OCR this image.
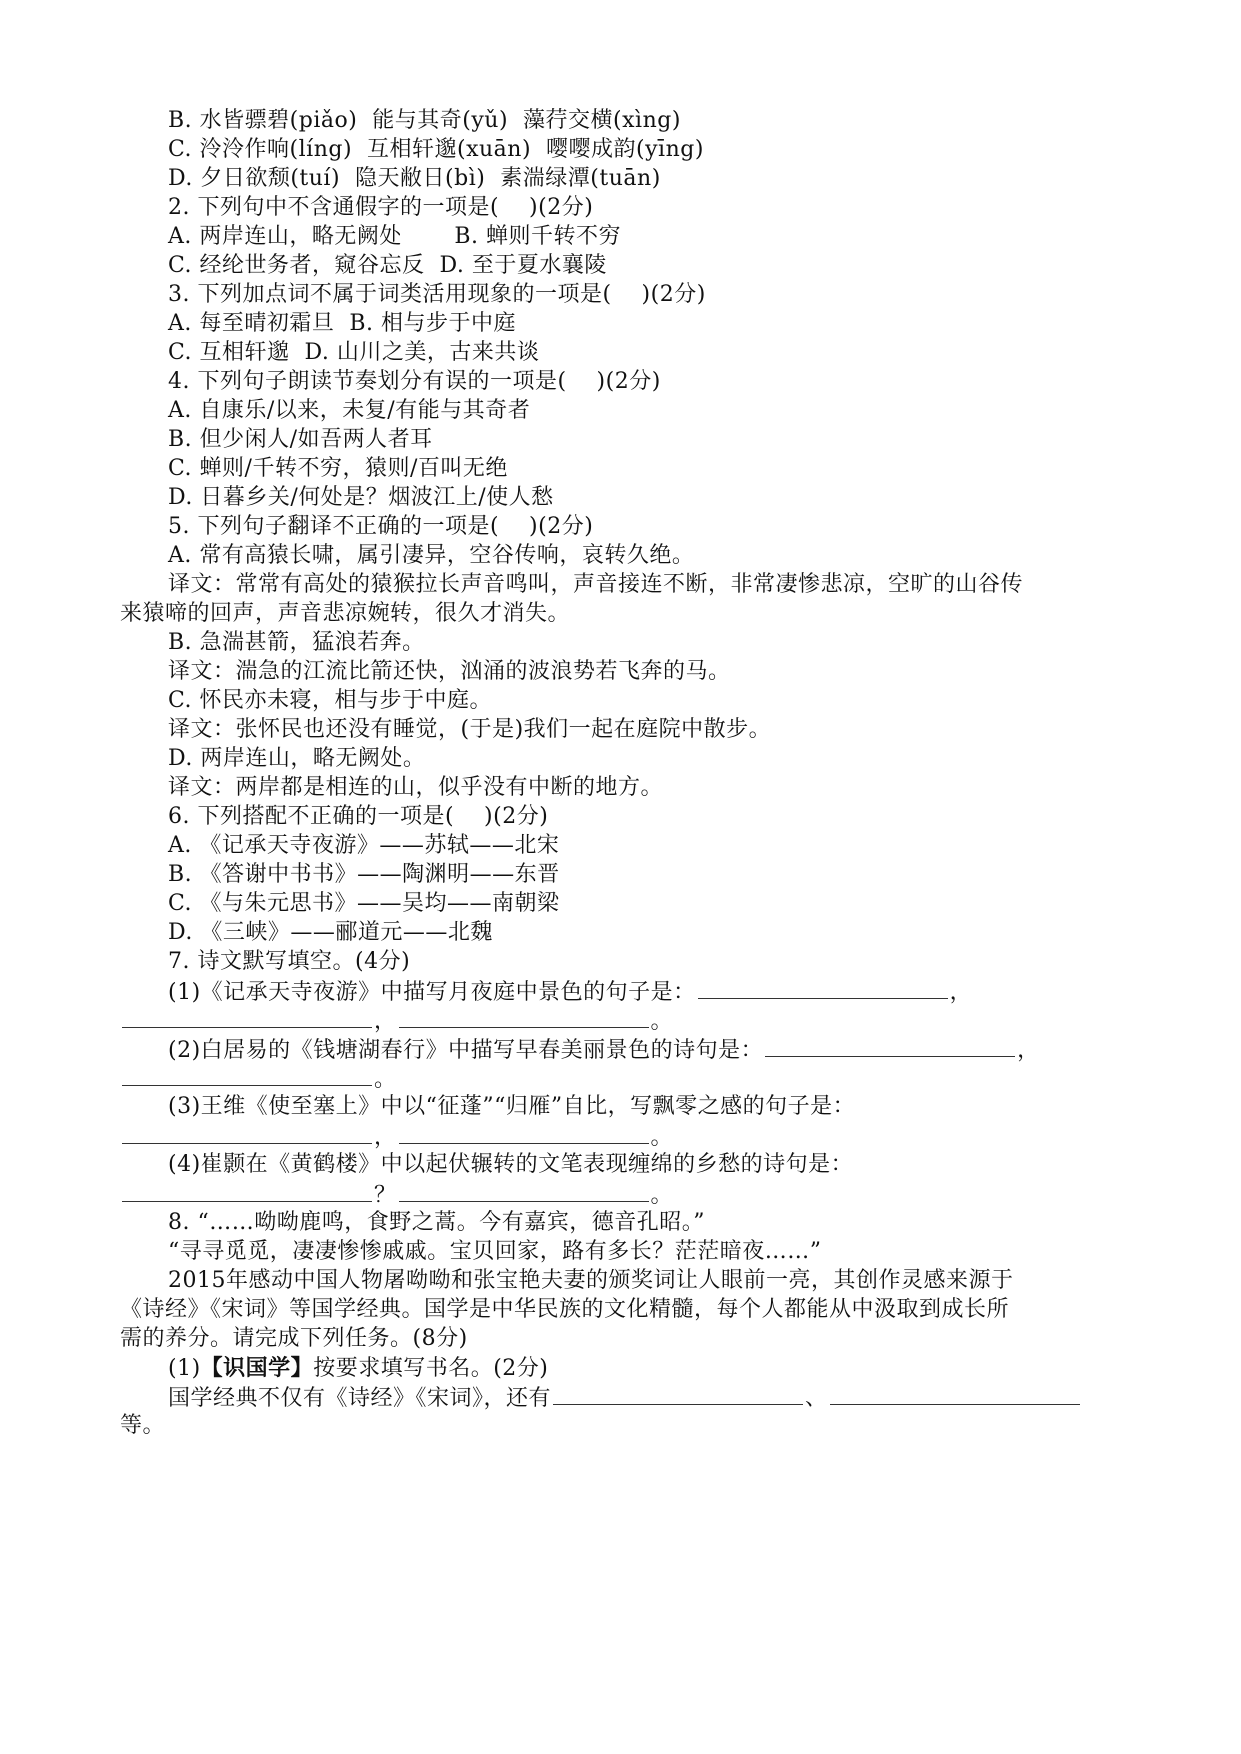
B. 水皆骠碧(piǎo)  能与其奇(yǔ)  藻荇交横(xìng)
C. 泠泠作响(líng)  互相轩邈(xuān)  嘤嘤成韵(yīng)
D. 夕日欲颓(tuí)  隐天敝日(bì)  素湍绿潭(tuān)
2. 下列句中不含通假字的一项是(    )(2分)
A. 两岸连山，略无阙处       B. 蝉则千转不穷
C. 经纶世务者，窥谷忘反  D. 至于夏水襄陵
3. 下列加点词不属于词类活用现象的一项是(    )(2分)
A. 每至晴初霜旦  B. 相与步于中庭
C. 互相轩邈  D. 山川之美，古来共谈
4. 下列句子朗读节奏划分有误的一项是(    )(2分)
A. 自康乐/以来，未复/有能与其奇者
B. 但少闲人/如吾两人者耳
C. 蝉则/千转不穷，猿则/百叫无绝
D. 日暮乡关/何处是？烟波江上/使人愁
5. 下列句子翻译不正确的一项是(    )(2分)
A. 常有高猿长啸，属引凄异，空谷传响，哀转久绝。
译文：常常有高处的猿猴拉长声音鸣叫，声音接连不断，非常凄惨悲凉，空旷的山谷传
来猿啼的回声，声音悲凉婉转，很久才消失。
B. 急湍甚箭，猛浪若奔。
译文：湍急的江流比箭还快，汹涌的波浪势若飞奔的马。
C. 怀民亦未寝，相与步于中庭。
译文：张怀民也还没有睡觉，(于是)我们一起在庭院中散步。
D. 两岸连山，略无阙处。
译文：两岸都是相连的山，似乎没有中断的地方。
6. 下列搭配不正确的一项是(    )(2分)
A. 《记承天寺夜游》——苏轼——北宋
B. 《答谢中书书》——陶渊明——东晋
C. 《与朱元思书》——吴均——南朝梁
D. 《三峡》——郦道元——北魏
7. 诗文默写填空。(4分)
(1)《记承天寺夜游》中描写月夜庭中景色的句子是：	，
，	。
(2)白居易的《钱塘湖春行》中描写早春美丽景色的诗句是：	，
。
(3)王维《使至塞上》中以“征蓬”“归雁”自比，写飘零之感的句子是：
，	。
(4)崔颢在《黄鹤楼》中以起伏辗转的文笔表现缠绵的乡愁的诗句是：
？	。
8. “……呦呦鹿鸣，食野之蒿。今有嘉宾，德音孔昭。”
“寻寻觅觅，凄凄惨惨戚戚。宝贝回家，路有多长？茫茫暗夜……”
2015年感动中国人物屠呦呦和张宝艳夫妻的颁奖词让人眼前一亮，其创作灵感来源于
《诗经》《宋词》等国学经典。国学是中华民族的文化精髓，每个人都能从中汲取到成长所
需的养分。请完成下列任务。(8分)
(1)【识国学】按要求填写书名。(2分)
国学经典不仅有《诗经》《宋词》，还有	、
等。
